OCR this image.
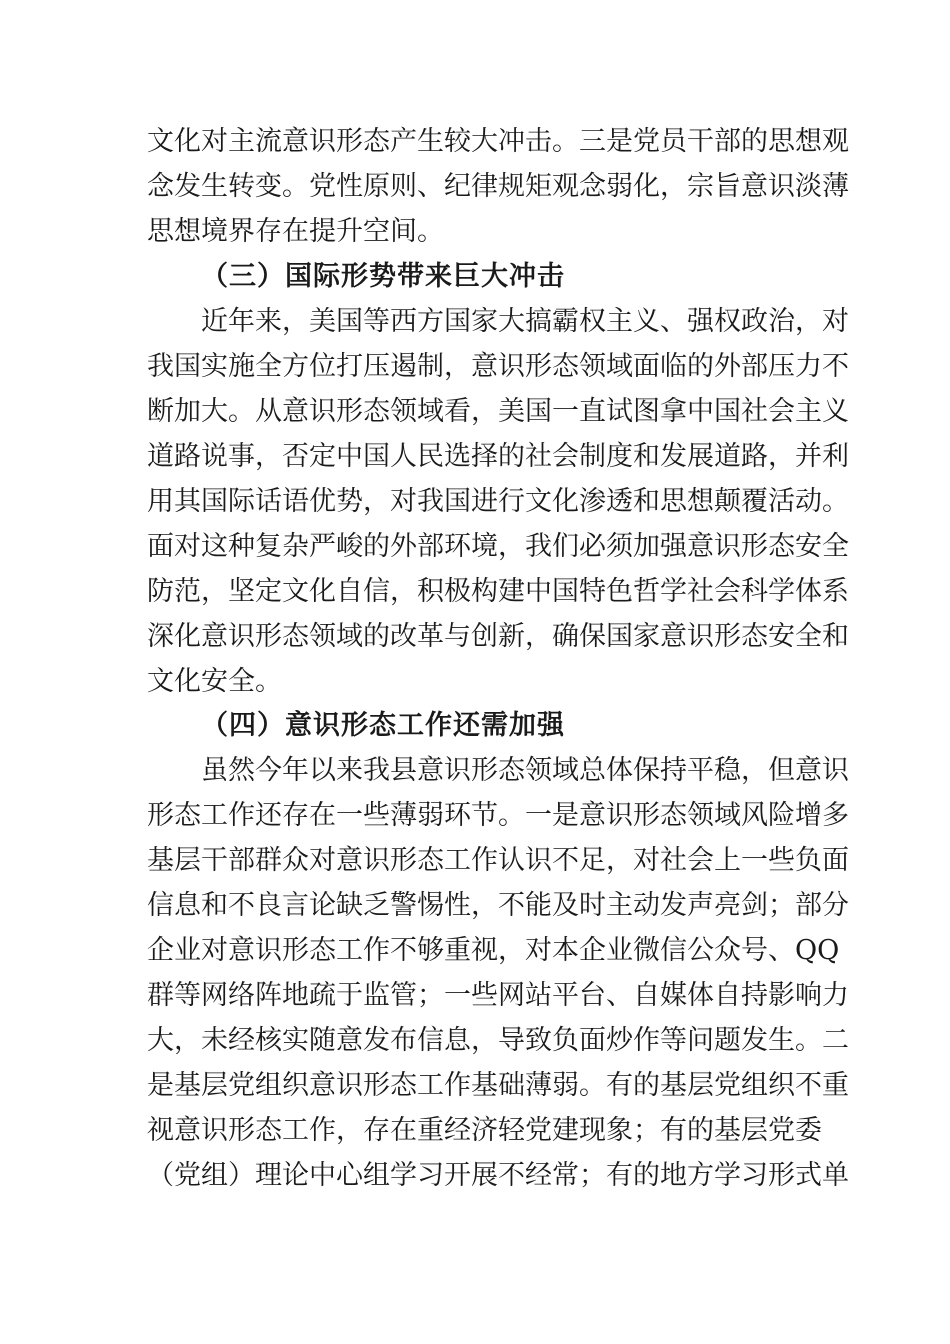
文化对主流意识形态产生较大冲击。三是党员干部的思想观
念发生转变。党性原则、纪律规矩观念弱化，宗旨意识淡薄
思想境界存在提升空间。
（三）国际形势带来巨大冲击
近年来，美国等西方国家大搞霸权主义、强权政治，对
我国实施全方位打压遏制，意识形态领域面临的外部压力不
断加大。从意识形态领域看，美国一直试图拿中国社会主义
道路说事，否定中国人民选择的社会制度和发展道路，并利
用其国际话语优势，对我国进行文化渗透和思想颠覆活动。
面对这种复杂严峻的外部环境，我们必须加强意识形态安全
防范，坚定文化自信，积极构建中国特色哲学社会科学体系
深化意识形态领域的改革与创新，确保国家意识形态安全和
文化安全。
（四）意识形态工作还需加强
虽然今年以来我县意识形态领域总体保持平稳，但意识
形态工作还存在一些薄弱环节。一是意识形态领域风险增多
基层干部群众对意识形态工作认识不足，对社会上一些负面
信息和不良言论缺乏警惕性，不能及时主动发声亮剑；部分
企业对意识形态工作不够重视，对本企业微信公众号、QQ
群等网络阵地疏于监管；一些网站平台、自媒体自持影响力
大，未经核实随意发布信息，导致负面炒作等问题发生。二
是基层党组织意识形态工作基础薄弱。有的基层党组织不重
视意识形态工作，存在重经济轻党建现象；有的基层党委
（党组）理论中心组学习开展不经常；有的地方学习形式单
